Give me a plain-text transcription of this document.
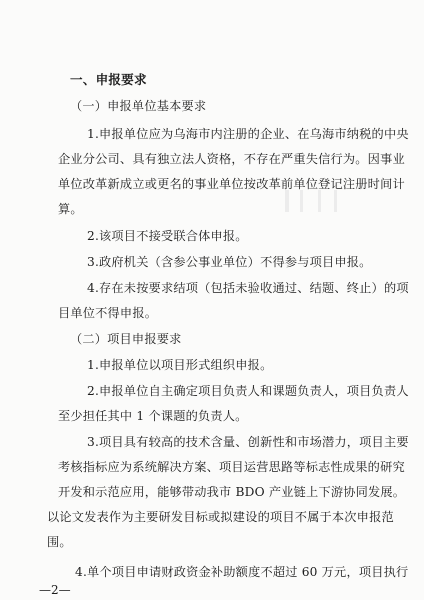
一、申报要求
（一）申报单位基本要求
1.申报单位应为乌海市内注册的企业、在乌海市纳税的中央
企业分公司、具有独立法人资格，不存在严重失信行为。因事业
单位改革新成立或更名的事业单位按改革前单位登记注册时间计
算。
2.该项目不接受联合体申报。
3.政府机关（含参公事业单位）不得参与项目申报。
4.存在未按要求结项（包括未验收通过、结题、终止）的项
目单位不得申报。
（二）项目申报要求
1.申报单位以项目形式组织申报。
2.申报单位自主确定项目负责人和课题负责人，项目负责人
至少担任其中 1 个课题的负责人。
3.项目具有较高的技术含量、创新性和市场潜力，项目主要
考核指标应为系统解决方案、项目运营思路等标志性成果的研究
开发和示范应用，能够带动我市 BDO 产业链上下游协同发展。
以论文发表作为主要研发目标或拟建设的项目不属于本次申报范
围。
4.单个项目申请财政资金补助额度不超过 60 万元，项目执行
—2—
